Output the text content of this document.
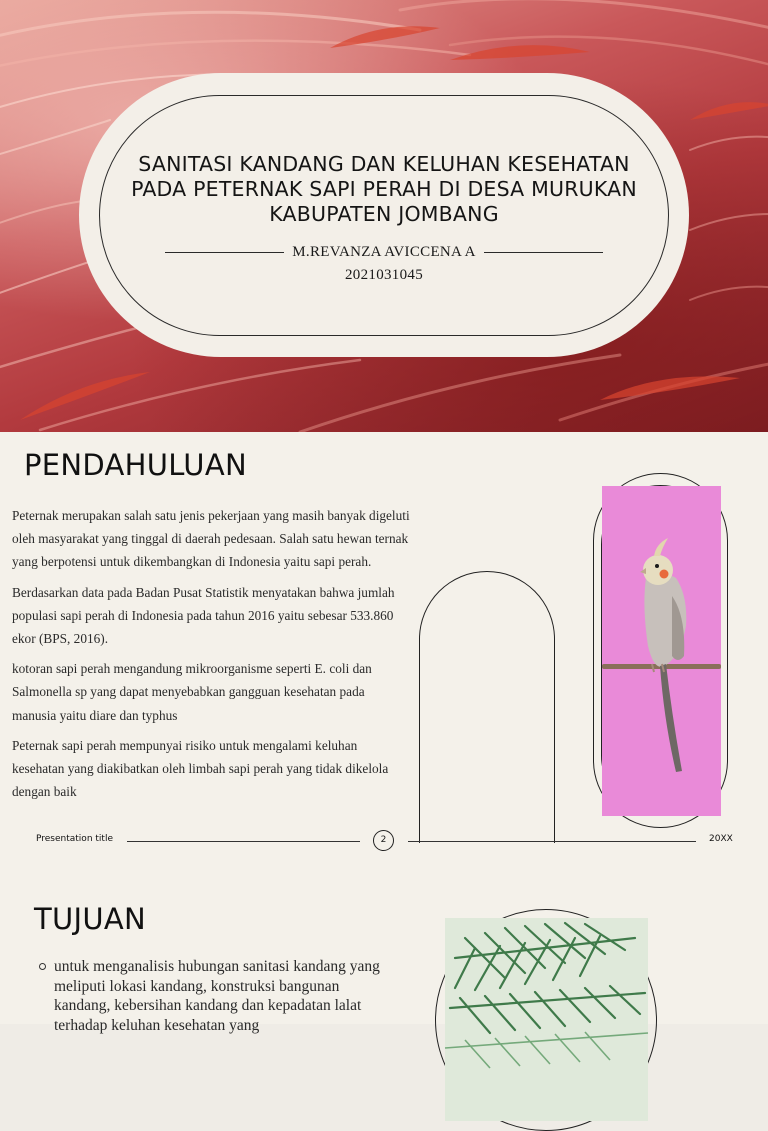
SANITASI KANDANG DAN KELUHAN KESEHATAN PADA PETERNAK SAPI PERAH DI DESA MURUKAN KABUPATEN JOMBANG
M.REVANZA AVICCENA A
2021031045
PENDAHULUAN

Peternak merupakan salah satu jenis pekerjaan yang masih banyak digeluti oleh masyarakat yang tinggal di daerah pedesaan. Salah satu hewan ternak yang berpotensi untuk dikembangkan di Indonesia yaitu sapi perah.

Berdasarkan data pada Badan Pusat Statistik menyatakan bahwa jumlah populasi sapi perah di Indonesia pada tahun 2016 yaitu sebesar 533.860 ekor (BPS, 2016).

kotoran sapi perah mengandung mikroorganisme seperti E. coli dan Salmonella sp yang dapat menyebabkan gangguan kesehatan pada manusia yaitu diare dan typhus

Peternak sapi perah mempunyai risiko untuk mengalami keluhan kesehatan yang diakibatkan oleh limbah sapi perah yang tidak dikelola dengan baik

Presentation title	2	20XX
TUJUAN
untuk menganalisis hubungan sanitasi kandang yang meliputi lokasi kandang, konstruksi bangunan kandang, kebersihan kandang dan kepadatan lalat terhadap keluhan kesehatan yang
